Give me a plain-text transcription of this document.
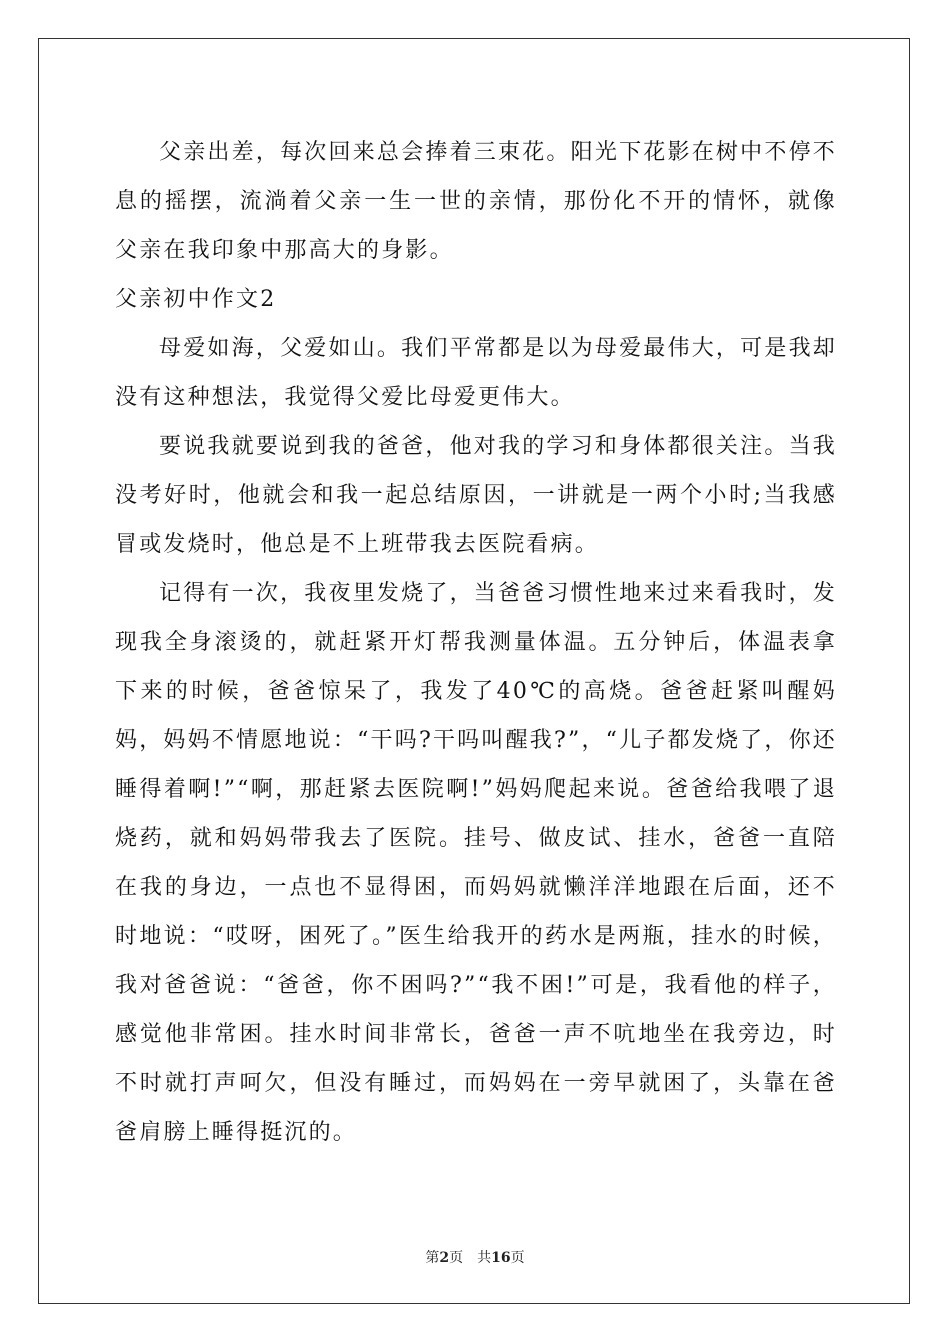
父亲出差，每次回来总会捧着三束花。阳光下花影在树中不停不息的摇摆，流淌着父亲一生一世的亲情，那份化不开的情怀，就像父亲在我印象中那高大的身影。

父亲初中作文2

母爱如海，父爱如山。我们平常都是以为母爱最伟大，可是我却没有这种想法，我觉得父爱比母爱更伟大。

要说我就要说到我的爸爸，他对我的学习和身体都很关注。当我没考好时，他就会和我一起总结原因，一讲就是一两个小时;当我感冒或发烧时，他总是不上班带我去医院看病。

记得有一次，我夜里发烧了，当爸爸习惯性地来过来看我时，发现我全身滚烫的，就赶紧开灯帮我测量体温。五分钟后，体温表拿下来的时候，爸爸惊呆了，我发了40℃的高烧。爸爸赶紧叫醒妈妈，妈妈不情愿地说：“干吗?干吗叫醒我?”，“儿子都发烧了，你还睡得着啊!”“啊，那赶紧去医院啊!”妈妈爬起来说。爸爸给我喂了退烧药，就和妈妈带我去了医院。挂号、做皮试、挂水，爸爸一直陪在我的身边，一点也不显得困，而妈妈就懒洋洋地跟在后面，还不时地说：“哎呀，困死了。”医生给我开的药水是两瓶，挂水的时候，我对爸爸说：“爸爸，你不困吗?”“我不困!”可是，我看他的样子，感觉他非常困。挂水时间非常长，爸爸一声不吭地坐在我旁边，时不时就打声呵欠，但没有睡过，而妈妈在一旁早就困了，头靠在爸爸肩膀上睡得挺沉的。

第2页 共16页
